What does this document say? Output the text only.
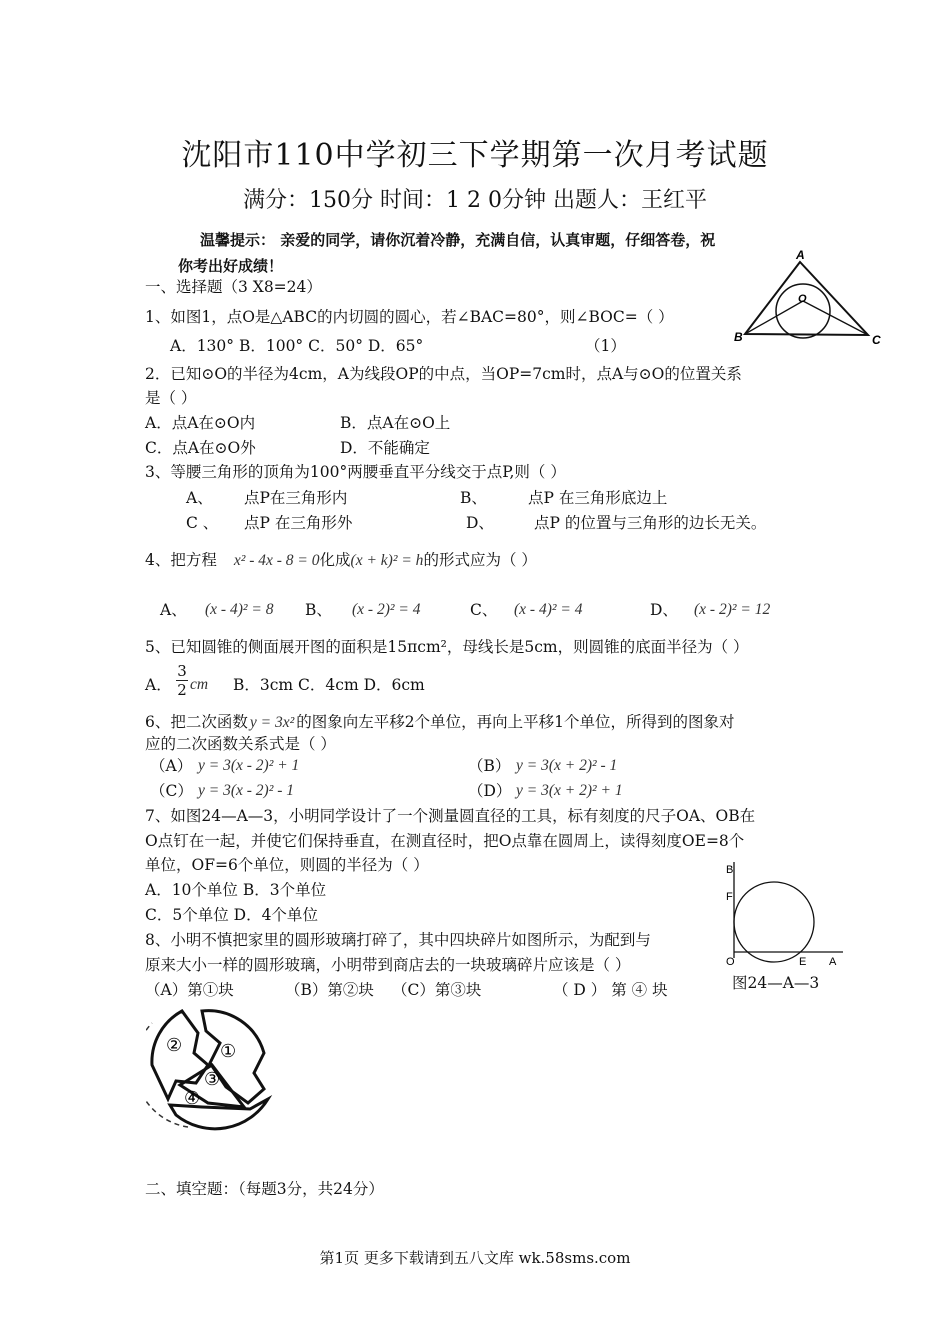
沈阳市110中学初三下学期第一次月考试题
满分：150分 时间：1 2 0分钟 出题人：王红平
温馨提示： 亲爱的同学，请你沉着冷静，充满自信，认真审题，仔细答卷，祝
你考出好成绩！
一、选择题（3 X8=24）
1、如图1，点O是△ABC的内切圆的圆心，若∠BAC=80°，则∠BOC=（ ）
A．130° B．100° C．50° D．65°	（1）
A
O
B	C
2．已知⊙O的半径为4cm，A为线段OP的中点，当OP=7cm时，点A与⊙O的位置关系
是（ ）
A．点A在⊙O内	B．点A在⊙O上
C．点A在⊙O外	D．不能确定
3、等腰三角形的顶角为100°两腰垂直平分线交于点P,则（ ）
A、 点P在三角形内	B、	点P 在三角形底边上
C 、 点P 在三角形外	D、	点P 的位置与三角形的边长无关。
4、把方程 x² - 4x - 8 = 0化成(x + k)² = h的形式应为（ ）
A、 (x - 4)² = 8 B、 (x - 2)² = 4	C、 (x - 4)² = 4	D、 (x - 2)² = 12
5、已知圆锥的侧面展开图的面积是15πcm²，母线长是5cm，则圆锥的底面半径为（ ）
A．
3
2 cm B．3cm C．4cm D．6cm
6、把二次函数 y = 3x² 的图象向左平移2个单位，再向上平移1个单位，所得到的图象对
应的二次函数关系式是（ ）
（A） y = 3(x - 2)² + 1	（B） y = 3(x + 2)² - 1
（C） y = 3(x - 2)² - 1	（D） y = 3(x + 2)² + 1
7、如图24—A—3，小明同学设计了一个测量圆直径的工具，标有刻度的尺子OA、OB在
O点钉在一起，并使它们保持垂直，在测直径时，把O点靠在圆周上，读得刻度OE=8个
单位，OF=6个单位，则圆的半径为（ ）
A．10个单位 B．3个单位
C．5个单位 D．4个单位
B
F
O	E A
图24—A—3
8、小明不慎把家里的圆形玻璃打碎了，其中四块碎片如图所示，为配到与
原来大小一样的圆形玻璃，小明带到商店去的一块玻璃碎片应该是（ ）
（A）第①块	（B）第②块 （C）第③块	（ D ） 第 ④ 块
② ①
③
④
二、填空题：（每题3分，共24分）
第1页 更多下载请到五八文库 wk.58sms.com
